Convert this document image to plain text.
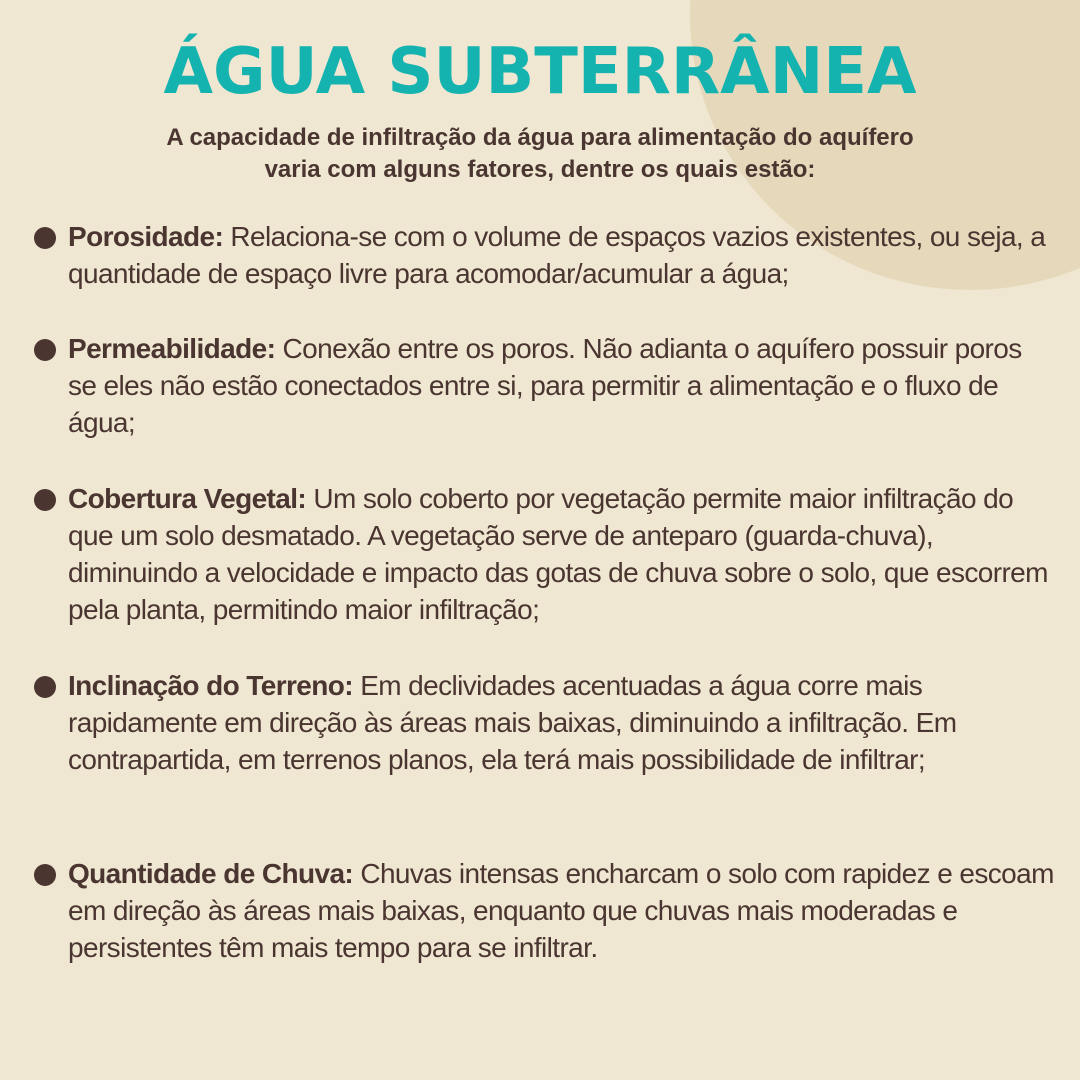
ÁGUA SUBTERRÂNEA
A capacidade de infiltração da água para alimentação do aquífero
varia com alguns fatores, dentre os quais estão:
Porosidade: Relaciona-se com o volume de espaços vazios existentes, ou seja, a quantidade de espaço livre para acomodar/acumular a água;
Permeabilidade: Conexão entre os poros. Não adianta o aquífero possuir poros se eles não estão conectados entre si, para permitir a alimentação e o fluxo de água;
Cobertura Vegetal: Um solo coberto por vegetação permite maior infiltração do que um solo desmatado. A vegetação serve de anteparo (guarda-chuva), diminuindo a velocidade e impacto das gotas de chuva sobre o solo, que escorrem pela planta, permitindo maior infiltração;
Inclinação do Terreno: Em declividades acentuadas a água corre mais rapidamente em direção às áreas mais baixas, diminuindo a infiltração. Em contrapartida, em terrenos planos, ela terá mais possibilidade de infiltrar;
Quantidade de Chuva: Chuvas intensas encharcam o solo com rapidez e escoam em direção às áreas mais baixas, enquanto que chuvas mais moderadas e persistentes têm mais tempo para se infiltrar.
